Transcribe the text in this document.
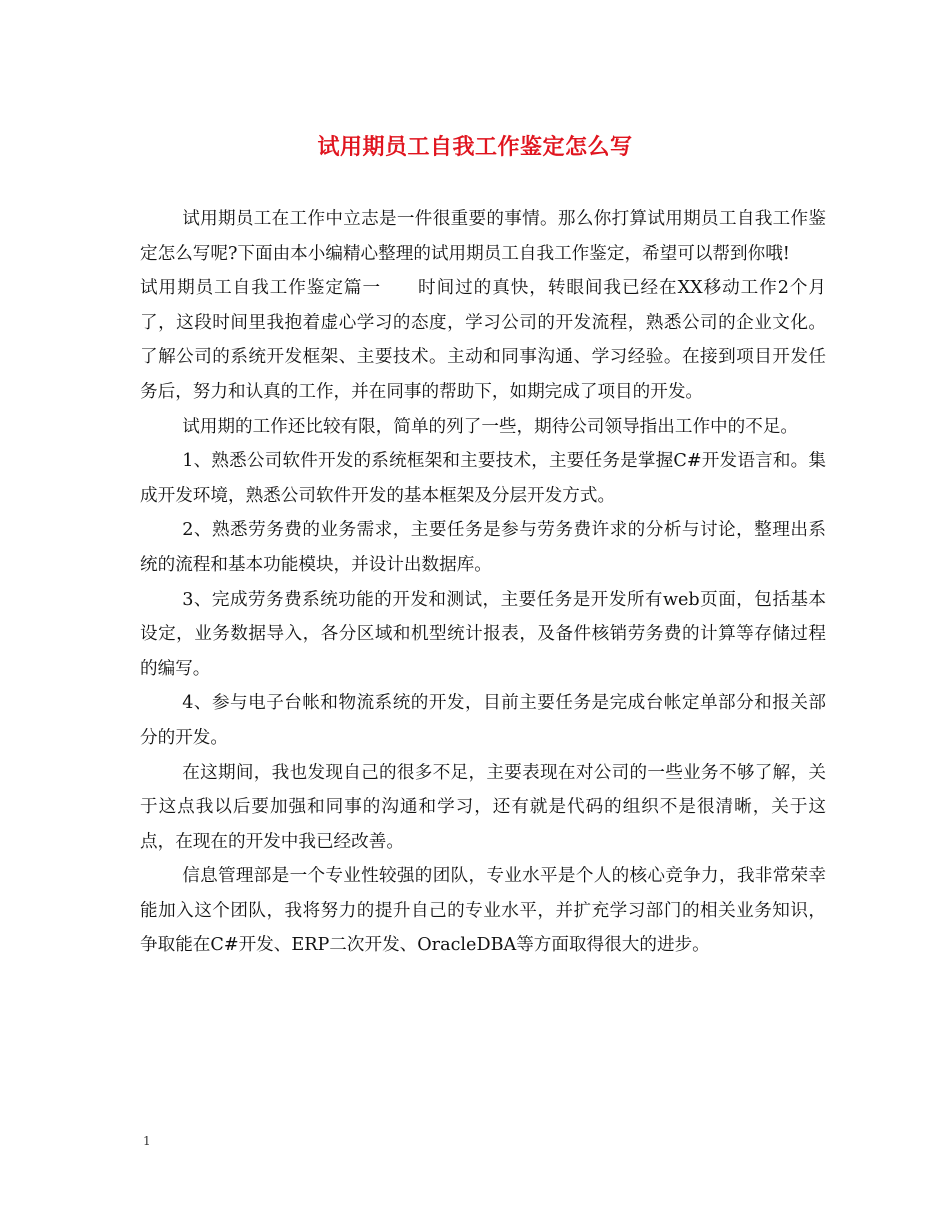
试用期员工自我工作鉴定怎么写

试用期员工在工作中立志是一件很重要的事情。那么你打算试用期员工自我工作鉴定怎么写呢?下面由本小编精心整理的试用期员工自我工作鉴定，希望可以帮到你哦!

试用期员工自我工作鉴定篇一　　时间过的真快，转眼间我已经在XX移动工作2个月了，这段时间里我抱着虚心学习的态度，学习公司的开发流程，熟悉公司的企业文化。了解公司的系统开发框架、主要技术。主动和同事沟通、学习经验。在接到项目开发任务后，努力和认真的工作，并在同事的帮助下，如期完成了项目的开发。

试用期的工作还比较有限，简单的列了一些，期待公司领导指出工作中的不足。

1、熟悉公司软件开发的系统框架和主要技术，主要任务是掌握C#开发语言和。集成开发环境，熟悉公司软件开发的基本框架及分层开发方式。

2、熟悉劳务费的业务需求，主要任务是参与劳务费许求的分析与讨论，整理出系统的流程和基本功能模块，并设计出数据库。

3、完成劳务费系统功能的开发和测试，主要任务是开发所有web页面，包括基本设定，业务数据导入，各分区域和机型统计报表，及备件核销劳务费的计算等存储过程的编写。

4、参与电子台帐和物流系统的开发，目前主要任务是完成台帐定单部分和报关部分的开发。

在这期间，我也发现自己的很多不足，主要表现在对公司的一些业务不够了解，关于这点我以后要加强和同事的沟通和学习，还有就是代码的组织不是很清晰，关于这点，在现在的开发中我已经改善。

信息管理部是一个专业性较强的团队，专业水平是个人的核心竞争力，我非常荣幸能加入这个团队，我将努力的提升自己的专业水平，并扩充学习部门的相关业务知识，争取能在C#开发、ERP二次开发、OracleDBA等方面取得很大的进步。

1
